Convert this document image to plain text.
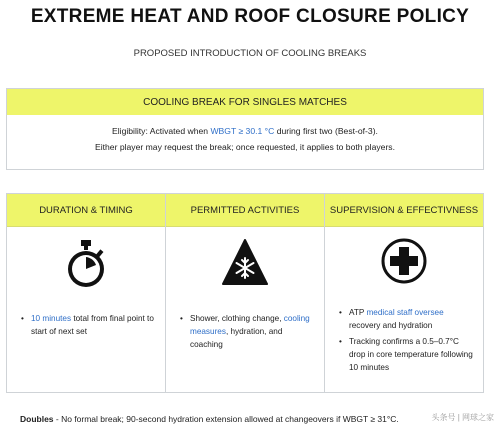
EXTREME HEAT AND ROOF CLOSURE POLICY
PROPOSED INTRODUCTION OF COOLING BREAKS
COOLING BREAK FOR SINGLES MATCHES
Eligibility: Activated when WBGT ≥ 30.1 °C during first two (Best-of-3).
Either player may request the break; once requested, it applies to both players.
DURATION & TIMING
• 10 minutes total from final point to start of next set
PERMITTED ACTIVITIES
• Shower, clothing change, cooling measures, hydration, and coaching
SUPERVISION & EFFECTIVNESS
• ATP medical staff oversee recovery and hydration
• Tracking confirms a 0.5–0.7°C drop in core temperature following 10 minutes
Doubles - No formal break; 90-second hydration extension allowed at changeovers if WBGT ≥ 31°C.	头条号 | 网球之家
